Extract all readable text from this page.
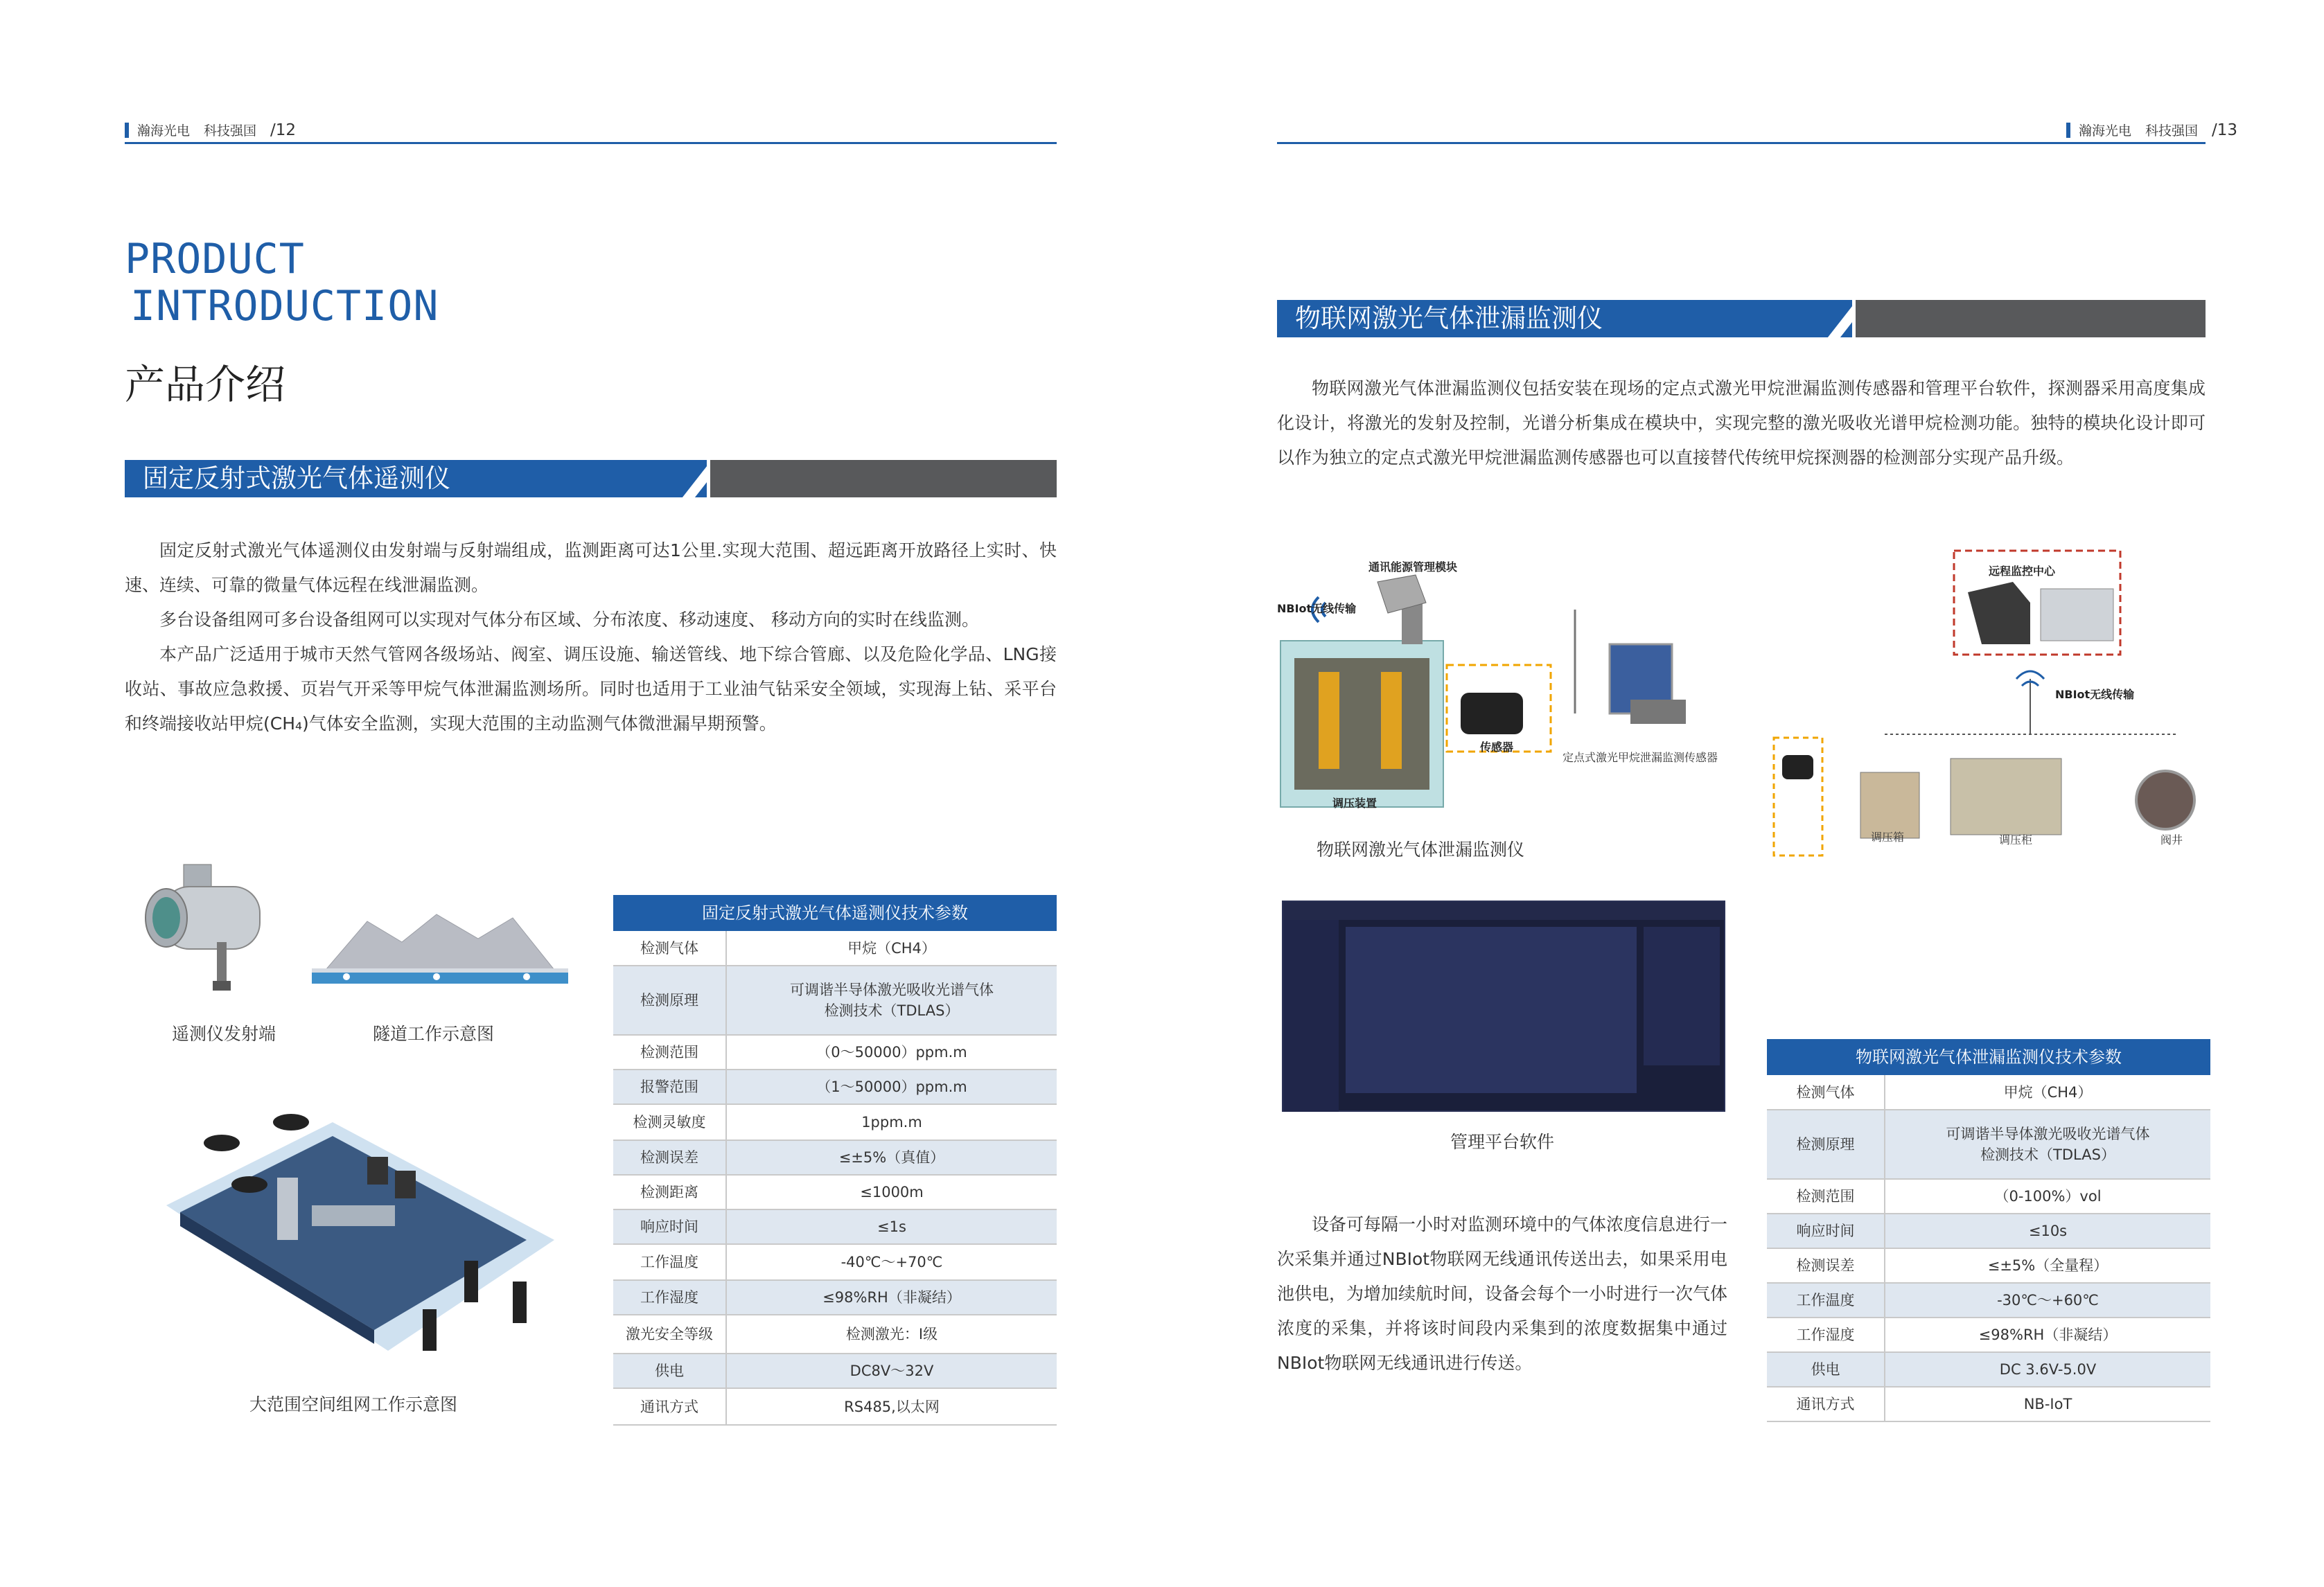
瀚海光电 科技强国 /12
PRODUCT
INTRODUCTION
产品介绍
固定反射式激光气体遥测仪

固定反射式激光气体遥测仪由发射端与反射端组成，监测距离可达1公里.实现大范围、超远距离开放路径上实时、快速、连续、可靠的微量气体远程在线泄漏监测。

多台设备组网可多台设备组网可以实现对气体分布区域、分布浓度、移动速度、 移动方向的实时在线监测。

本产品广泛适用于城市天然气管网各级场站、阀室、调压设施、输送管线、地下综合管廊、以及危险化学品、LNG接收站、事故应急救援、页岩气开采等甲烷气体泄漏监测场所。同时也适用于工业油气钻采安全领域，实现海上钻、采平台和终端接收站甲烷(CH₄)气体安全监测，实现大范围的主动监测气体微泄漏早期预警。

遥测仪发射端	隧道工作示意图
大范围空间组网工作示意图
固定反射式激光气体遥测仪技术参数
检测气体	甲烷（CH4）
检测原理	可调谐半导体激光吸收光谱气体
检测技术（TDLAS）
检测范围	（0～50000）ppm.m
报警范围	（1～50000）ppm.m
检测灵敏度	1ppm.m
检测误差	≤±5%（真值）
检测距离	≤1000m
响应时间	≤1s
工作温度	-40℃～+70℃
工作湿度	≤98%RH（非凝结）
激光安全等级	检测激光：Ⅰ级
供电	DC8V～32V
通讯方式	RS485,以太网
瀚海光电 科技强国 /13
物联网激光气体泄漏监测仪

物联网激光气体泄漏监测仪包括安装在现场的定点式激光甲烷泄漏监测传感器和管理平台软件，探测器采用高度集成化设计，将激光的发射及控制，光谱分析集成在模块中，实现完整的激光吸收光谱甲烷检测功能。独特的模块化设计即可以作为独立的定点式激光甲烷泄漏监测传感器也可以直接替代传统甲烷探测器的检测部分实现产品升级。

通讯能源管理模块
NBIot无线传输
传感器
调压装置
定点式激光甲烷泄漏监测传感器
物联网激光气体泄漏监测仪
远程监控中心
NBIot无线传输
调压箱	调压柜	阀井
管理平台软件

设备可每隔一小时对监测环境中的气体浓度信息进行一次采集并通过NBIot物联网无线通讯传送出去，如果采用电池供电，为增加续航时间，设备会每个一小时进行一次气体浓度的采集，并将该时间段内采集到的浓度数据集中通过NBIot物联网无线通讯进行传送。

物联网激光气体泄漏监测仪技术参数
检测气体	甲烷（CH4）
检测原理	可调谐半导体激光吸收光谱气体
检测技术（TDLAS）
检测范围	（0-100%）vol
响应时间	≤10s
检测误差	≤±5%（全量程）
工作温度	-30℃～+60℃
工作湿度	≤98%RH（非凝结）
供电	DC 3.6V-5.0V
通讯方式	NB-IoT
